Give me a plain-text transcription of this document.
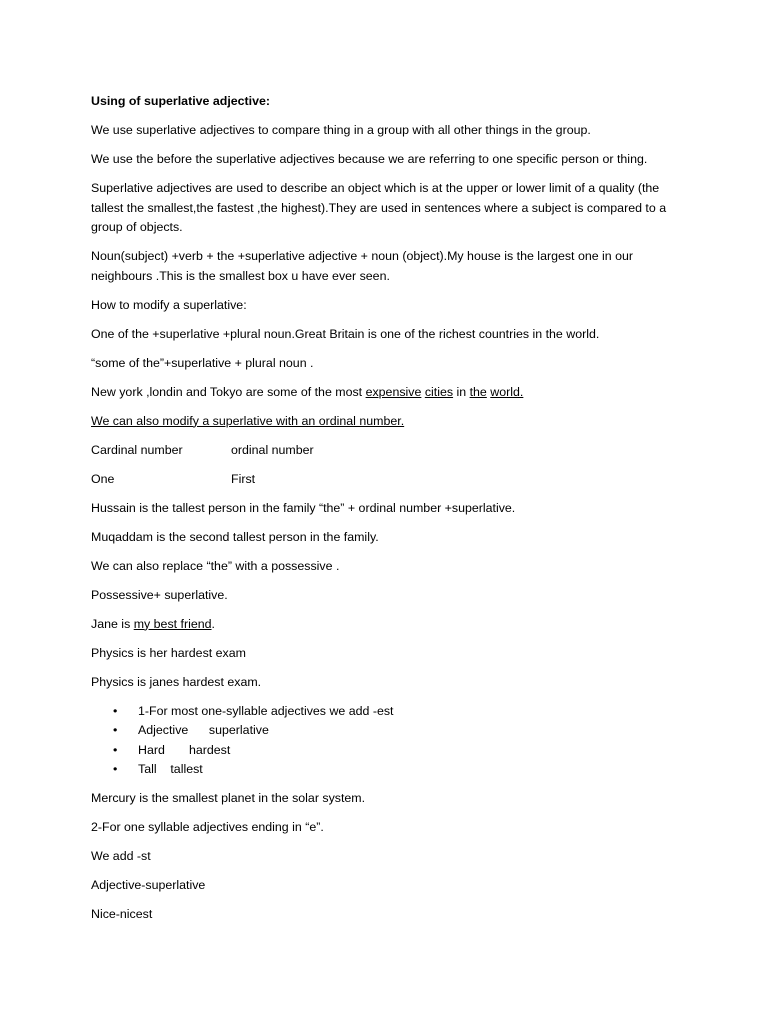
Using of superlative adjective:

We use superlative adjectives to compare thing in a group with all other things in the group.

We use the before the superlative adjectives because we are referring to one specific person or thing.

Superlative adjectives are used to describe an object which is at the upper or lower limit of a quality (the tallest the smallest,the fastest ,the highest).They are used in sentences where a subject is compared to a group of objects.

Noun(subject) +verb + the +superlative adjective + noun (object).My house is the largest one in our neighbours .This is the smallest box u have ever seen.

How to modify a superlative:

One of the +superlative +plural noun.Great Britain is one of the richest countries in the world.

“some of the”+superlative + plural noun .

New york ,londin and Tokyo are some of the most expensive cities in the world.

We can also modify a superlative with an ordinal number.

Cardinal number	ordinal number

One	First

Hussain is the tallest person in the family “the” + ordinal number +superlative.

Muqaddam is the second tallest person in the family.

We can also replace “the” with a possessive .

Possessive+ superlative.

Jane is my best friend.

Physics is her hardest exam

Physics is janes hardest exam.

• 1-For most one-syllable adjectives we add -est
• Adjective      superlative
• Hard       hardest
• Tall    tallest

Mercury is the smallest planet in the solar system.

2-For one syllable adjectives ending in “e”.

We add -st

Adjective-superlative

Nice-nicest
